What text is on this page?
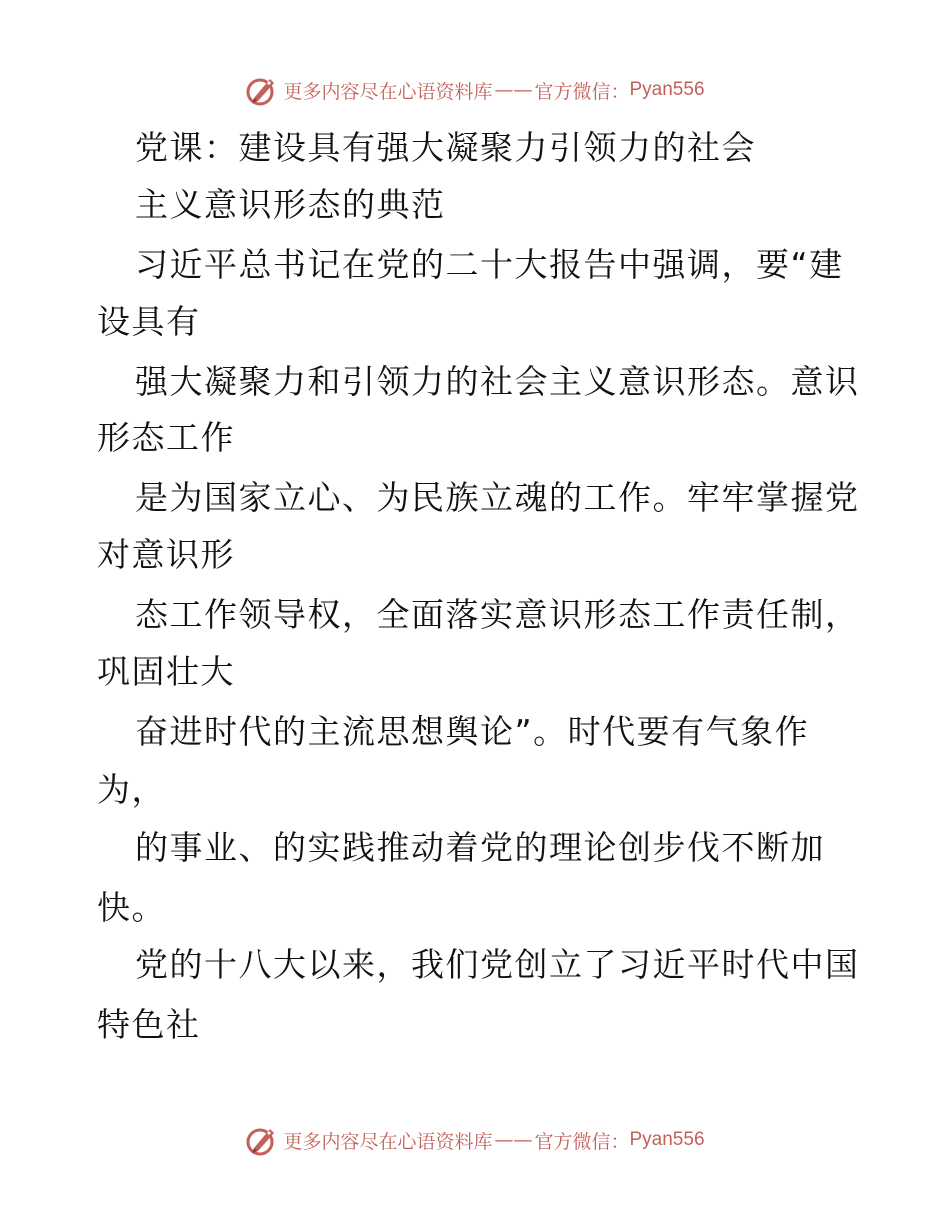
更多内容尽在心语资料库 —— 官方微信： Pyan556
党课：建设具有强大凝聚力引领力的社会
主义意识形态的典范
习近平总书记在党的二十大报告中强调，要“建
设具有
强大凝聚力和引领力的社会主义意识形态。意识
形态工作
是为国家立心、为民族立魂的工作。牢牢掌握党
对意识形
态工作领导权，全面落实意识形态工作责任制，
巩固壮大
奋进时代的主流思想舆论”。时代要有气象作
为，
的事业、的实践推动着党的理论创步伐不断加
快。
党的十八大以来，我们党创立了习近平时代中国
特色社
更多内容尽在心语资料库 —— 官方微信： Pyan556
